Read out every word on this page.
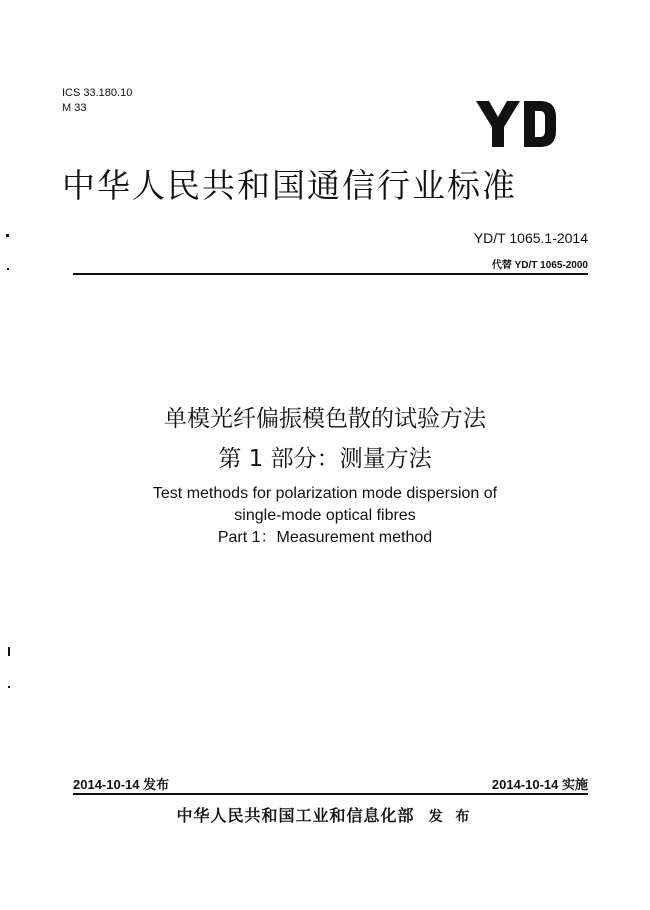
ICS 33.180.10
M 33
中华人民共和国通信行业标准
YD/T 1065.1-2014
代替 YD/T 1065-2000
单模光纤偏振模色散的试验方法
第 1 部分：测量方法
Test methods for polarization mode dispersion of
single-mode optical fibres
Part 1：Measurement method
2014-10-14 发布	2014-10-14 实施
中华人民共和国工业和信息化部 发 布
